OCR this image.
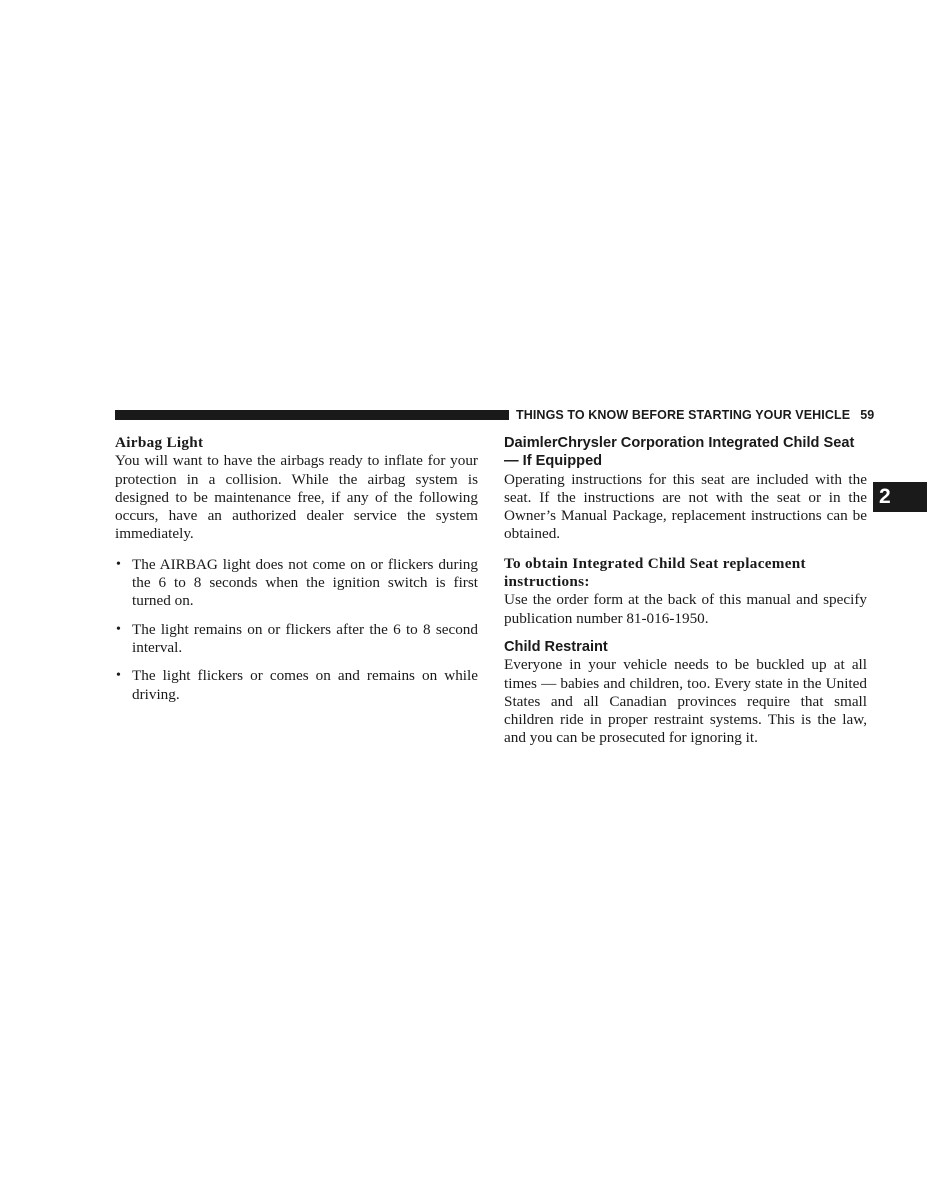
THINGS TO KNOW BEFORE STARTING YOUR VEHICLE 59
2

Airbag Light

You will want to have the airbags ready to inflate for your protection in a collision. While the airbag system is designed to be maintenance free, if any of the following occurs, have an authorized dealer service the system immediately.

• The AIRBAG light does not come on or flickers during the 6 to 8 seconds when the ignition switch is first turned on.

• The light remains on or flickers after the 6 to 8 second interval.

• The light flickers or comes on and remains on while driving.

DaimlerChrysler Corporation Integrated Child Seat — If Equipped

Operating instructions for this seat are included with the seat. If the instructions are not with the seat or in the Owner’s Manual Package, replacement instructions can be obtained.

To obtain Integrated Child Seat replacement instructions:

Use the order form at the back of this manual and specify publication number 81-016-1950.

Child Restraint

Everyone in your vehicle needs to be buckled up at all times — babies and children, too. Every state in the United States and all Canadian provinces require that small children ride in proper restraint systems. This is the law, and you can be prosecuted for ignoring it.
